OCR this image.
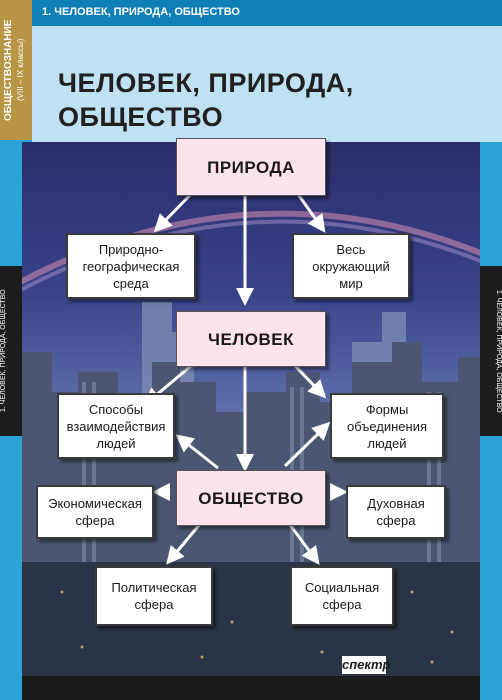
ОБЩЕСТВОЗНАНИЕ (VIII – IX классы)
1. ЧЕЛОВЕК, ПРИРОДА, ОБЩЕСТВО
ЧЕЛОВЕК, ПРИРОДА, ОБЩЕСТВО
1. ЧЕЛОВЕК, ПРИРОДА, ОБЩЕСТВО	1. ЧЕЛОВЕК, ПРИРОДА, ОБЩЕСТВО
ПРИРОДА
Природно-
географическая
среда
Весь
окружающий
мир
ЧЕЛОВЕК
Способы
взаимодействия
людей
Формы
объединения
людей
ОБЩЕСТВО
Экономическая
сфера
Духовная
сфера
Политическая
сфера
Социальная
сфера
спектр
